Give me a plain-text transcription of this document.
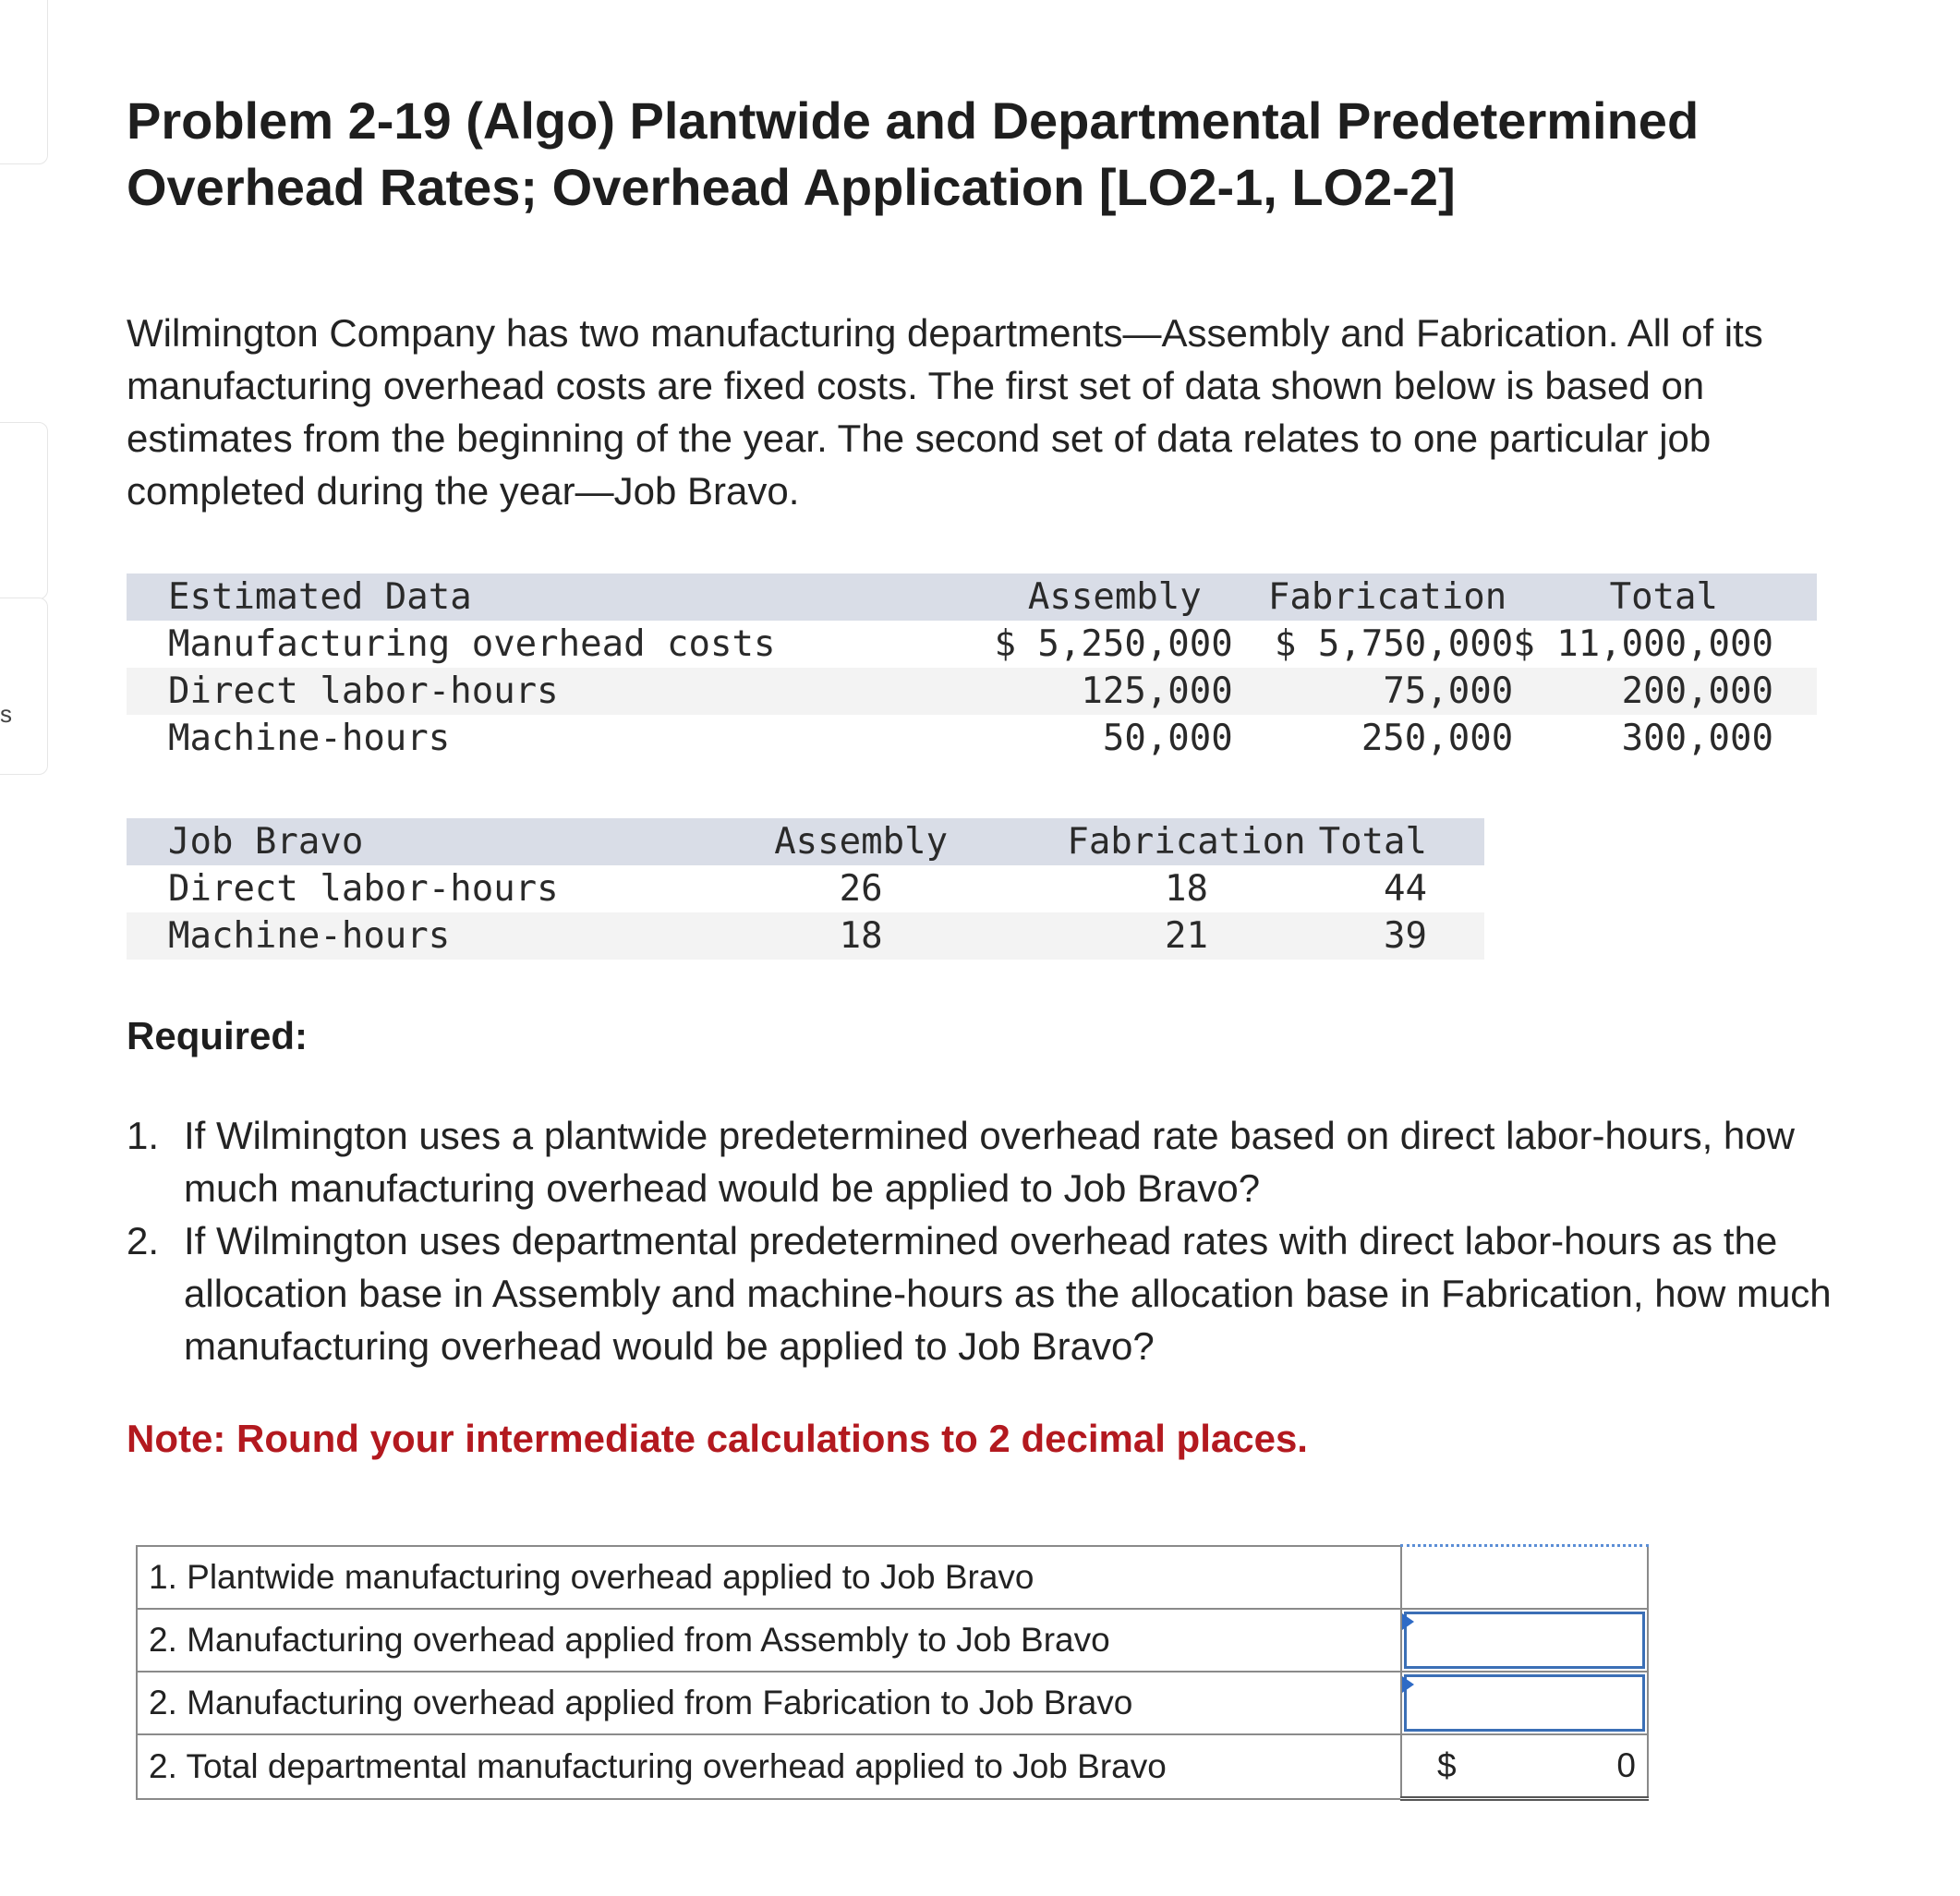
s
Problem 2-19 (Algo) Plantwide and Departmental Predetermined Overhead Rates; Overhead Application [LO2-1, LO2-2]

Wilmington Company has two manufacturing departments—Assembly and Fabrication. All of its manufacturing overhead costs are fixed costs. The first set of data shown below is based on estimates from the beginning of the year. The second set of data relates to one particular job completed during the year—Job Bravo.

Estimated Data	Assembly	Fabrication	Total
Manufacturing overhead costs	$ 5,250,000	$ 5,750,000	$ 11,000,000
Direct labor-hours	125,000	75,000	200,000
Machine-hours	50,000	250,000	300,000
Job Bravo	Assembly	Fabrication	Total
Direct labor-hours	26	18	44
Machine-hours	18	21	39
Required:
1. If Wilmington uses a plantwide predetermined overhead rate based on direct labor-hours, how much manufacturing overhead would be applied to Job Bravo?
2. If Wilmington uses departmental predetermined overhead rates with direct labor-hours as the allocation base in Assembly and machine-hours as the allocation base in Fabrication, how much manufacturing overhead would be applied to Job Bravo?

Note: Round your intermediate calculations to 2 decimal places.

1. Plantwide manufacturing overhead applied to Job Bravo	
2. Manufacturing overhead applied from Assembly to Job Bravo	

2. Manufacturing overhead applied from Fabrication to Job Bravo	

2. Total departmental manufacturing overhead applied to Job Bravo	$ 0
